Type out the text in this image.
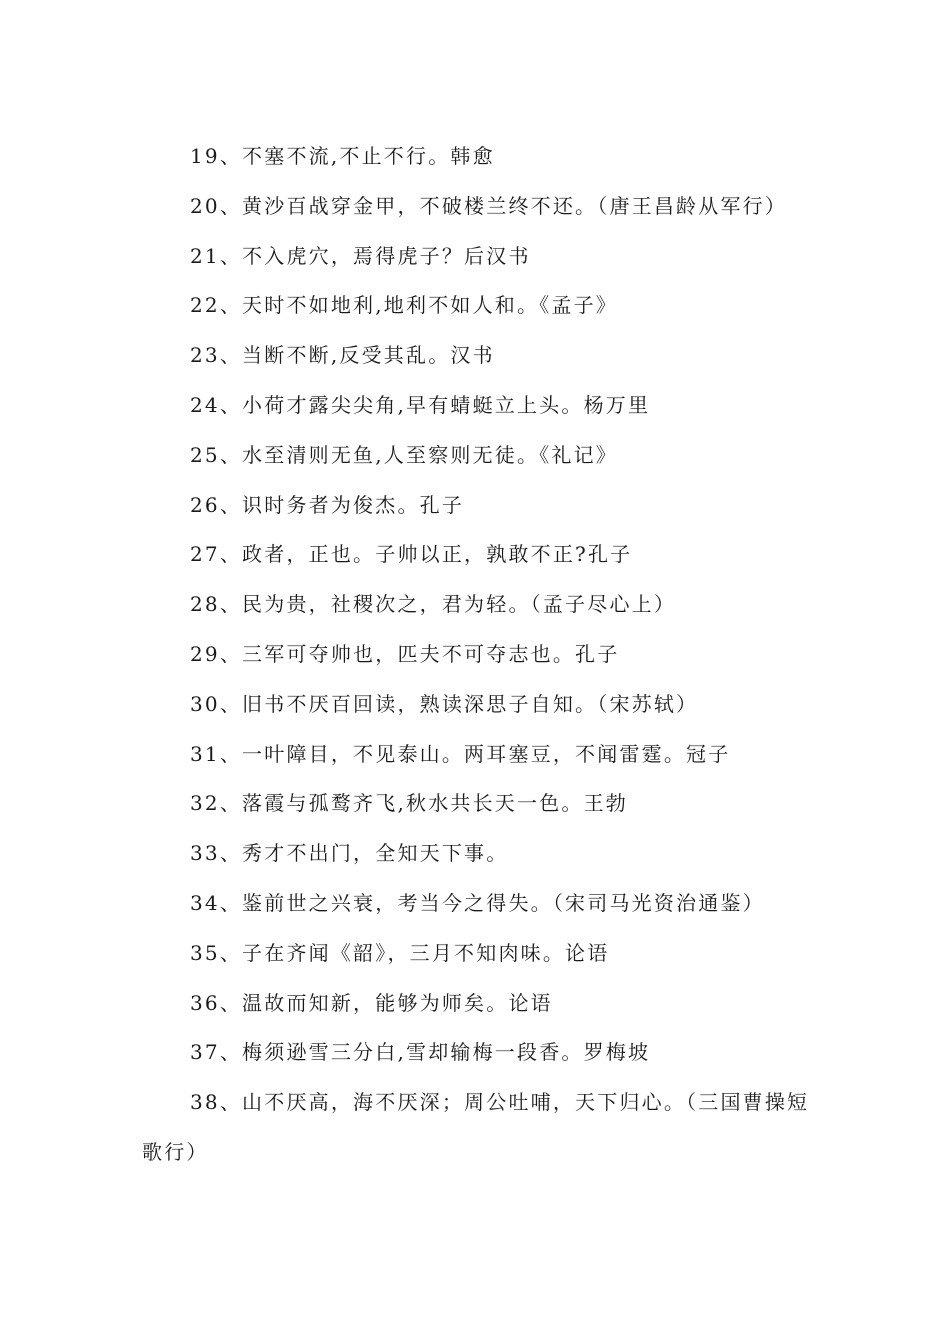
19、不塞不流,不止不行。韩愈

20、黄沙百战穿金甲，不破楼兰终不还。（唐王昌龄从军行）

21、不入虎穴，焉得虎子？后汉书

22、天时不如地利,地利不如人和。《孟子》

23、当断不断,反受其乱。汉书

24、小荷才露尖尖角,早有蜻蜓立上头。杨万里

25、水至清则无鱼,人至察则无徒。《礼记》

26、识时务者为俊杰。孔子

27、政者，正也。子帅以正，孰敢不正?孔子

28、民为贵，社稷次之，君为轻。（孟子尽心上）

29、三军可夺帅也，匹夫不可夺志也。孔子

30、旧书不厌百回读，熟读深思子自知。（宋苏轼）

31、一叶障目，不见泰山。两耳塞豆，不闻雷霆。冠子

32、落霞与孤鹜齐飞,秋水共长天一色。王勃

33、秀才不出门，全知天下事。

34、鉴前世之兴衰，考当今之得失。（宋司马光资治通鉴）

35、子在齐闻《韶》，三月不知肉味。论语

36、温故而知新，能够为师矣。论语

37、梅须逊雪三分白,雪却输梅一段香。罗梅坡

38、山不厌高，海不厌深；周公吐哺，天下归心。（三国曹操短歌行）
